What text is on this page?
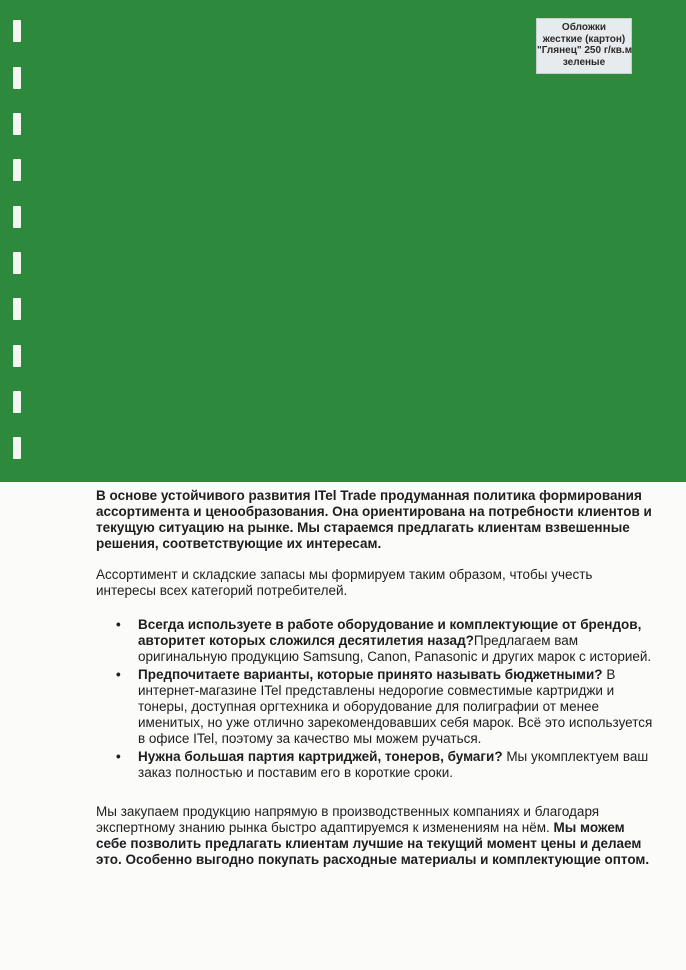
Обложки
жесткие (картон)
"Глянец" 250 г/кв.м
зеленые

В основе устойчивого развития ITel Trade продуманная политика формирования ассортимента и ценообразования. Она ориентирована на потребности клиентов и текущую ситуацию на рынке. Мы стараемся предлагать клиентам взвешенные решения, соответствующие их интересам.

Ассортимент и складские запасы мы формируем таким образом, чтобы учесть интересы всех категорий потребителей.

• Всегда используете в работе оборудование и комплектующие от брендов, авторитет которых сложился десятилетия назад?Предлагаем вам оригинальную продукцию Samsung, Canon, Panasonic и других марок с историей.
• Предпочитаете варианты, которые принято называть бюджетными? В интернет-магазине ITel представлены недорогие совместимые картриджи и тонеры, доступная оргтехника и оборудование для полиграфии от менее именитых, но уже отлично зарекомендовавших себя марок. Всё это используется в офисе ITel, поэтому за качество мы можем ручаться.
• Нужна большая партия картриджей, тонеров, бумаги? Мы укомплектуем ваш заказ полностью и поставим его в короткие сроки.

Мы закупаем продукцию напрямую в производственных компаниях и благодаря экспертному знанию рынка быстро адаптируемся к изменениям на нём. Мы можем себе позволить предлагать клиентам лучшие на текущий момент цены и делаем это. Особенно выгодно покупать расходные материалы и комплектующие оптом.
